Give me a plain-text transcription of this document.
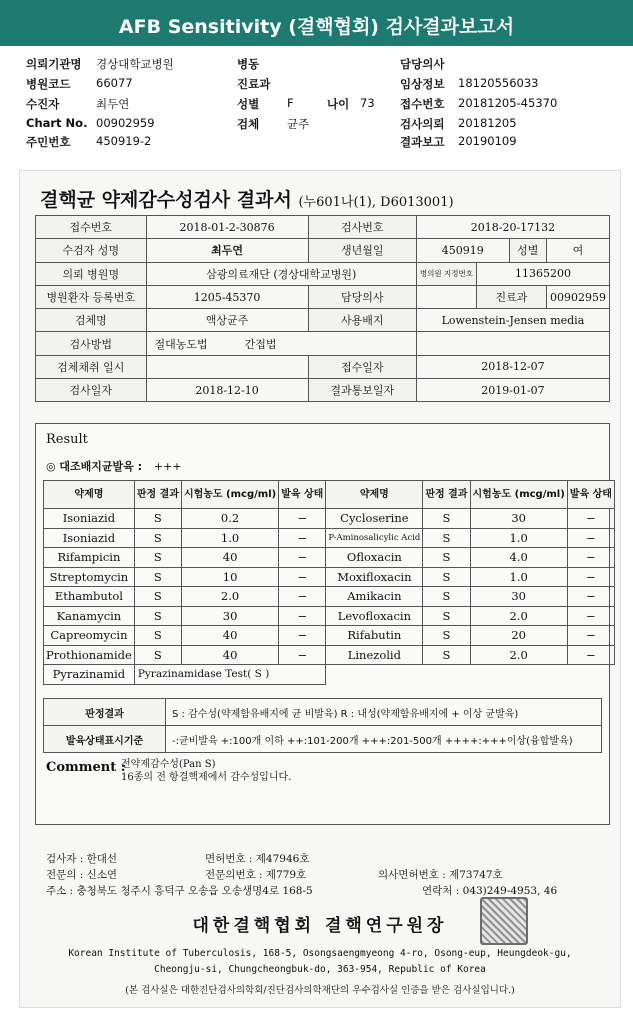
AFB Sensitivity (결핵협회) 검사결과보고서
의뢰기관명 경상대학교병원
병원코드 66077
수진자	최두연
Chart No. 00902959
주민번호 450919-2
병동
진료과
성별 F	나이 73
검체 균주
담당의사
임상정보 18120556033
접수번호 20181205-45370
검사의뢰 20181205
결과보고 20190109
결핵균 약제감수성검사 결과서 (누601나(1), D6013001)
접수번호	2018-01-2-30876	검사번호	2018-20-17132			
수검자 성명	최두연	생년월일	450919		성별	여
의뢰 병원명	삼광의료재단 (경상대학교병원)		병의원 지정번호	11365200		
병원환자 등록번호	1205-45370	담당의사		진료과		00902959
검체명	액상균주	사용배지	Lowenstein-Jensen media			
검사방법	절대농도법 간접법					
검체채취 일시		접수일자	2018-12-07			
검사일자	2018-12-10	결과통보일자	2019-01-07			
Result
◎ 대조배지균발육 : +++
약제명	판정 결과	시험농도 (mcg/ml)	발육 상태	약제명	판정 결과	시험농도 (mcg/ml)	발육 상태
Isoniazid	S	0.2	−	Cycloserine	S	30	−
Isoniazid	S	1.0	−	P-Aminosalicylic Acid	S	1.0	−
Rifampicin	S	40	−	Ofloxacin	S	4.0	−
Streptomycin	S	10	−	Moxifloxacin	S	1.0	−
Ethambutol	S	2.0	−	Amikacin	S	30	−
Kanamycin	S	30	−	Levofloxacin	S	2.0	−
Capreomycin	S	40	−	Rifabutin	S	20	−
Prothionamide	S	40	−	Linezolid	S	2.0	−
Pyrazinamid	Pyrazinamidase Test( S )						
판정결과	S : 감수성(약제함유배지에 균 비발육) R : 내성(약제함유배지에 + 이상 균발육)
발육상태표시기준	-:균비발육 +:100개 이하 ++:101-200개 +++:201-500개 ++++:+++이상(융합발육)
Comment :
전약제감수성(Pan S)
16종의 전 항결핵제에서 감수성입니다.
검사자 : 한대선	면허번호 : 제47946호
전문의 : 신소연	전문의번호 : 제779호	의사면허번호 : 제73747호
주소 : 충청북도 청주시 흥덕구 오송읍 오송생명4로 168-5	연락처 : 043)249-4953, 46
대한결핵협회 결핵연구원장
Korean Institute of Tuberculosis, 168-5, Osongsaengmyeong 4-ro, Osong-eup, Heungdeok-gu,
Cheongju-si, Chungcheongbuk-do, 363-954, Republic of Korea
(본 검사실은 대한진단검사의학회/진단검사의학재단의 우수검사실 인증을 받은 검사실입니다.)
